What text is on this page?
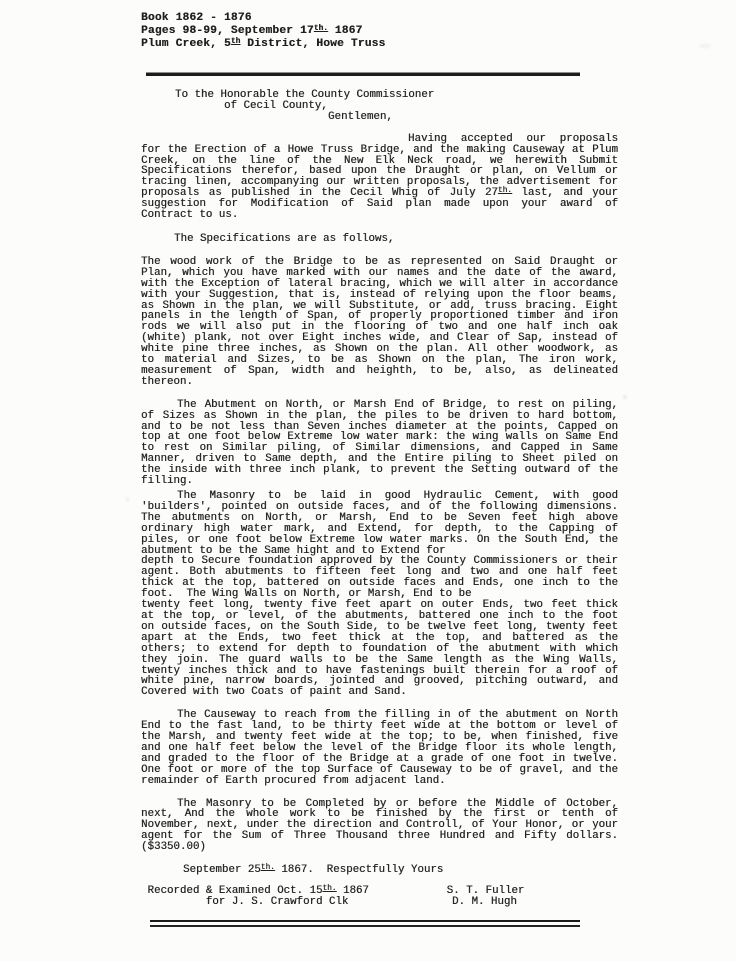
Book 1862 - 1876
Pages 98-99, September $17^{th.}$ 1867
Plum Creek, 5th District, Howe Truss
To the Honorable the County Commissioner
of Cecil County,
Gentlemen,
Having accepted our proposals
for the Erection of a Howe Truss Bridge, and the making Causeway at Plum
Creek, on the line of the New Elk Neck road, we herewith Submit
Specifications therefor, based upon the Draught or plan, on Vellum or
tracing linen, accompanying our written proposals, the advertisement for
proposals as published in the Cecil Whig of July $27^{th.}$ last, and your
suggestion for Modification of Said plan made upon your award of
Contract to us.
The Specifications are as follows,
The wood work of the Bridge to be as represented on Said Draught or
Plan, which you have marked with our names and the date of the award,
with the Exception of lateral bracing, which we will alter in accordance
with your Suggestion, that is, instead of relying upon the floor beams,
as Shown in the plan, we will Substitute, or add, truss bracing. Eight
panels in the length of Span, of properly proportioned timber and iron
rods we will also put in the flooring of two and one half inch oak
(white) plank, not over Eight inches wide, and Clear of Sap, instead of
white pine three inches, as Shown on the plan. All other woodwork, as
to material and Sizes, to be as Shown on the plan, The iron work,
measurement of Span, width and heighth, to be, also, as delineated
thereon.
The Abutment on North, or Marsh End of Bridge, to rest on piling,
of Sizes as Shown in the plan, the piles to be driven to hard bottom,
and to be not less than Seven inches diameter at the points, Capped on
top at one foot below Extreme low water mark: the wing walls on Same End
to rest on Similar piling, of Similar dimensions, and Capped in Same
Manner, driven to Same depth, and the Entire piling to Sheet piled on
the inside with three inch plank, to prevent the Setting outward of the
filling.
The Masonry to be laid in good Hydraulic Cement, with good
'builders', pointed on outside faces, and of the following dimensions.
The abutments on North, or Marsh, End to be Seven feet high above
ordinary high water mark, and Extend, for depth, to the Capping of
piles, or one foot below Extreme low water marks. On the South End, the
abutment to be the Same hight and to Extend for
depth to Secure foundation approved by the County Commissioners or their
agent. Both abutments to fifteen feet long and two and one half feet
thick at the top, battered on outside faces and Ends, one inch to the
foot.  The Wing Walls on North, or Marsh, End to be
twenty feet long, twenty five feet apart on outer Ends, two feet thick
at the top, or level, of the abutments, battered one inch to the foot
on outside faces, on the South Side, to be twelve feet long, twenty feet
apart at the Ends, two feet thick at the top, and battered as the
others; to extend for depth to foundation of the abutment with which
they join. The guard walls to be the Same length as the Wing Walls,
twenty inches thick and to have fastenings built therein for a roof of
white pine, narrow boards, jointed and grooved, pitching outward, and
Covered with two Coats of paint and Sand.
The Causeway to reach from the filling in of the abutment on North
End to the fast land, to be thirty feet wide at the bottom or level of
the Marsh, and twenty feet wide at the top; to be, when finished, five
and one half feet below the level of the Bridge floor its whole length,
and graded to the floor of the Bridge at a grade of one foot in twelve.
One foot or more of the top Surface of Causeway to be of gravel, and the
remainder of Earth procured from adjacent land.
The Masonry to be Completed by or before the Middle of October,
next, And the whole work to be finished by the first or tenth of
November, next, under the direction and Controll, of Your Honor, or your
agent for the Sum of Three Thousand three Hundred and Fifty dollars.
($3350.00)
September $25^{th.}$ 1867.  Respectfully Yours
Recorded & Examined Oct. $15^{th.}$ 1867            S. T. Fuller
for J. S. Crawford Clk                D. M. Hugh
